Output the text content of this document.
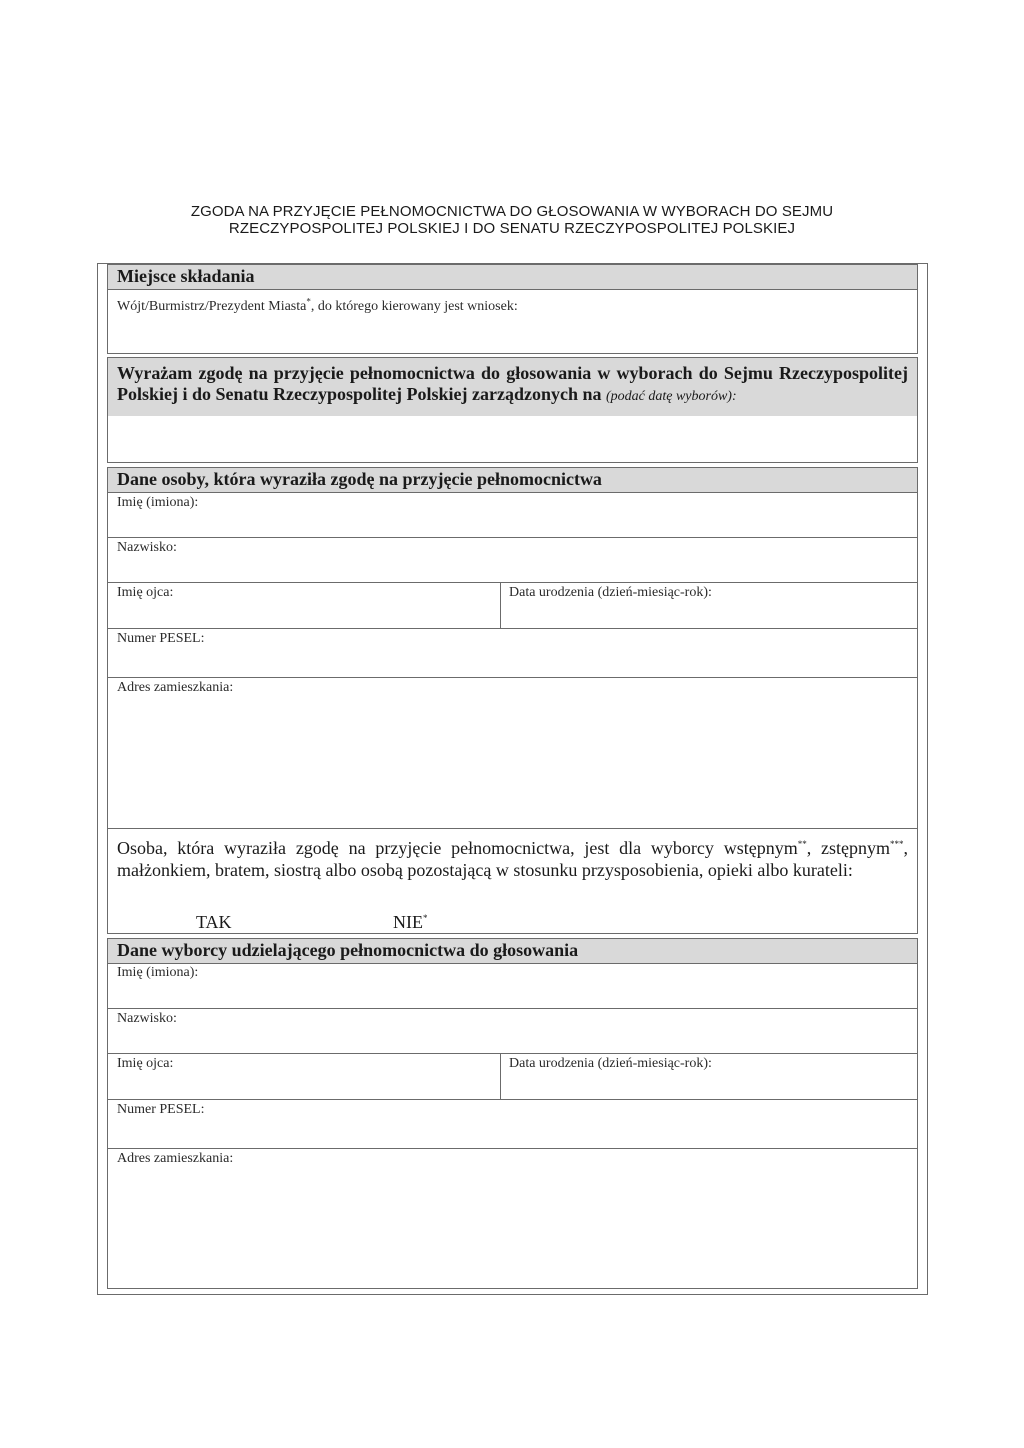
ZGODA NA PRZYJĘCIE PEŁNOMOCNICTWA DO GŁOSOWANIA W WYBORACH DO SEJMU
RZECZYPOSPOLITEJ POLSKIEJ I DO SENATU RZECZYPOSPOLITEJ POLSKIEJ
Miejsce składania
Wójt/Burmistrz/Prezydent Miasta*, do którego kierowany jest wniosek:
Wyrażam zgodę na przyjęcie pełnomocnictwa do głosowania w wyborach do Sejmu Rzeczypospolitej Polskiej i do Senatu Rzeczypospolitej Polskiej zarządzonych na (podać datę wyborów):
Dane osoby, która wyraziła zgodę na przyjęcie pełnomocnictwa
Imię (imiona):
Nazwisko:
Imię ojca:	Data urodzenia (dzień-miesiąc-rok):
Numer PESEL:
Adres zamieszkania:
Osoba, która wyraziła zgodę na przyjęcie pełnomocnictwa, jest dla wyborcy wstępnym**, zstępnym***, małżonkiem, bratem, siostrą albo osobą pozostającą w stosunku przysposobienia, opieki albo kurateli:
TAK	NIE*
Dane wyborcy udzielającego pełnomocnictwa do głosowania
Imię (imiona):
Nazwisko:
Imię ojca:	Data urodzenia (dzień-miesiąc-rok):
Numer PESEL:
Adres zamieszkania:
